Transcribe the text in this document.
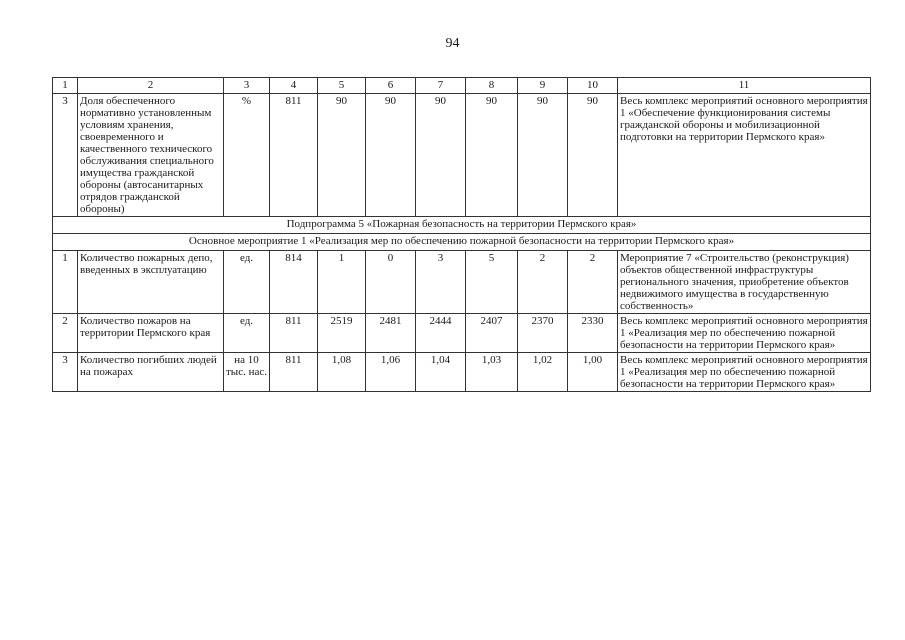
94
1	2	3	4	5	6	7	8	9	10	11
3	Доля обеспеченного нормативно установленным условиям хранения, своевременного и качественного технического обслуживания специального имущества гражданской обороны (автосанитарных отрядов гражданской обороны)	%	811	90	90	90	90	90	90	Весь комплекс мероприятий основного мероприятия 1 «Обеспечение функционирования системы гражданской обороны и мобилизационной подготовки на территории Пермского края»
Подпрограмма 5 «Пожарная безопасность на территории Пермского края»										
Основное мероприятие 1 «Реализация мер по обеспечению пожарной безопасности на территории Пермского края»										
1	Количество пожарных депо, введенных в эксплуатацию	ед.	814	1	0	3	5	2	2	Мероприятие 7 «Строительство (реконструкция) объектов общественной инфраструктуры регионального значения, приобретение объектов недвижимого имущества в государственную собственность»
2	Количество пожаров на территории Пермского края	ед.	811	2519	2481	2444	2407	2370	2330	Весь комплекс мероприятий основного мероприятия 1 «Реализация мер по обеспечению пожарной безопасности на территории Пермского края»
3	Количество погибших людей на пожарах	на 10 тыс. нас.	811	1,08	1,06	1,04	1,03	1,02	1,00	Весь комплекс мероприятий основного мероприятия 1 «Реализация мер по обеспечению пожарной безопасности на территории Пермского края»
